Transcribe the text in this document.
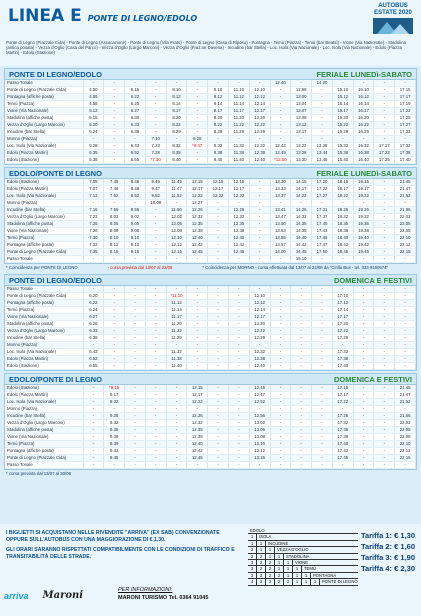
LINEA E PONTE DI LEGNO/EDOLO
AUTOBUS
ESTATE 2020
Ponte di Legno (Piazzale Cida) - Ponte di Legno (Assocazione) - Ponte di Legno (Vila Prato) - Ponte di Legno (Casa di Riposo) - Pontagna - Temù (Piazza) - Temù (bar Beatsì) - Vione (Via Nazionale) - Stadolina (antica posata) - Vezza d'Oglio (Casa del Parco) - Vezza d'Oglio (Largo Marconi) - Vezza d'Oglio (Fraz.ne Davena) - Incudine (bar Stella) - Loc. Isola (Via Nazionale) - Loc. Isola (Via Nazionale) - Edolo (Piazza Martiri) - Edolo (Stazione)
PONTE DI LEGNO/EDOLO	FERIALE LUNEDì-SABATO
Passo Tonale	-	-	-	-	-	-	-	-	-	12.40	-	14.20	-	-	-	-
Ponte di Legno (Piazzale Cida)	4.50	-	6.15	-	8.10	-	9.10	11.10	12.10	-	12.58	-	15.10	16.10	-	17.15
Pontagna (affiche posta)	4.55	-	6.22	-	8.12	-	9.12	11.12	12.12	-	13.00	-	15.12	16.12	-	17.17
Temù (Piazza)	4.58	-	6.25	-	8.14	-	9.14	11.14	12.14	-	13.04	-	15.14	16.14	-	17.19
Vione (Via Nazionale)	5.12	-	6.27	-	8.17	-	9.17	11.17	12.17	-	13.07	-	15.17	16.17	-	17.22
Stadolina (affiche posta)	5.15	-	6.30	-	8.20	-	9.20	11.20	12.20	-	13.08	-	15.20	16.20	-	17.25
Vezza d'Oglio (Largo Marconi)	5.20	-	6.33	-	8.22	-	9.22	11.22	12.22	-	13.12	-	15.22	16.22	-	17.27
Incudine (bar Stella)	5.24	-	6.39	-	8.29	-	9.29	11.29	12.29	-	13.17	-	15.29	16.29	-	17.33
Monno (Piazza)	-	-	-	7.10	-	8.28	-	-	-	-	-	-	-	-	-	-
Loc. Isola (Via Nazionale)	5.28	-	6.43	7.23	8.32	*8.47	9.32	11.32	12.32	12.43	13.23	13.38	15.32	16.32	17.17	17.32
Edolo (Piazza Martiri)	5.35	-	6.52	7.28	8.38	-	9.38	11.38	12.38	12.49	13.28	13.44	15.38	16.38	17.23	17.38
Edolo (Stazione)	5.38	-	6.55	*7.30	8.40	-	9.40	11.40	12.40	*12.50	13.30	13.45	15.40	16.40	17.25	17.40
EDOLO/PONTE DI LEGNO	FERIALE LUNEDì-SABATO
Edolo (Stazione)	7.05	7.45	8.45	9.45	11.45	12.15	12.15	12.15	-	13.30	14.15	17.20	18.15	19.15	-	21.45
Edolo (Piazza Martiri)	7.07	7.48	8.48	9.47	11.47	12.17	12.17	12.17	-	13.33	14.17	17.22	18.17	19.17	-	21.47
Loc. Isola (Via Nazionale)	7.12	7.52	8.52	9.52	11.52	12.22	12.22	12.22	-	13.37	14.22	17.27	18.22	19.22	-	21.52
Monno (Piazza)	-	-	-	10.08	-	12.27	-	-	-	-	-	-	-	-	-	-
Incudine (bar Stella)	7.16	7.56	8.56	-	11.56	12.26	-	12.26	-	13.41	14.26	17.31	18.26	19.26	-	21.56
Vezza d'Oglio (Largo Marconi)	7.22	8.02	9.02	-	12.02	12.32	-	12.32	-	13.47	14.32	17.37	18.32	19.32	-	22.02
Stadolina (affiche posta)	7.25	8.05	9.05	-	12.05	12.35	-	12.35	-	13.50	14.35	17.40	18.35	19.35	-	22.05
Vione (Via Nazionale)	7.28	8.08	9.08	-	12.08	12.38	-	12.38	-	13.53	14.38	17.43	18.38	19.38	-	22.08
Temù (Piazza)	7.30	8.10	9.10	-	12.10	12.40	-	12.40	-	13.55	14.40	17.45	18.40	19.40	-	22.10
Pontagna (affiche posta)	7.32	8.12	9.12	-	12.12	12.42	-	12.42	-	13.57	14.42	17.47	18.42	19.42	-	22.12
Ponte di Legno (Piazzale Cida)	7.35	8.15	9.15	-	12.15	12.45	-	12.45	-	14.00	14.45	17.50	18.45	19.45	-	22.15
Passo Tonale	-	-	-	-	-	-	-	-	-	-	15.10	-	-	-	-	-
* Coincidenza per PONTE DI LEGNO	- corsa prevista dal 13/07 al 22/08	* Coincidenza per MORNO - corsa effettuata dal 13/07 al 22/08 da "Cirillo Bus - tel. 333 9160574"
PONTE DI LEGNO/EDOLO	DOMENICA E FESTIVI
Passo Tonale	-	-	-	-	-	-	-	-	-	-	-	-	-	-	-	-
Ponte di Legno (Piazzale Cida)	6.20	-	-	-	*11.10	-	-	-	12.10	-	-	-	17.10	-	-	-
Pontagna (affiche posta)	6.22	-	-	-	11.12	-	-	-	12.12	-	-	-	17.12	-	-	-
Temù (Piazza)	6.24	-	-	-	11.14	-	-	-	12.14	-	-	-	17.14	-	-	-
Vione (Via Nazionale)	6.27	-	-	-	11.17	-	-	-	12.17	-	-	-	17.17	-	-	-
Stadolina (affiche posta)	6.28	-	-	-	11.20	-	-	-	12.20	-	-	-	17.20	-	-	-
Vezza d'Oglio (Largo Marconi)	6.33	-	-	-	11.22	-	-	-	12.22	-	-	-	17.22	-	-	-
Incudine (bar Stella)	6.39	-	-	-	11.29	-	-	-	12.29	-	-	-	17.29	-	-	-
Monno (Piazza)	-	-	-	-	-	-	-	-	-	-	-	-	-	-	-	-
Loc. Isola (Via Nazionale)	6.43	-	-	-	11.32	-	-	-	12.32	-	-	-	17.32	-	-	-
Edolo (Piazza Martiri)	6.52	-	-	-	11.38	-	-	-	12.38	-	-	-	17.38	-	-	-
Edolo (Stazione)	6.55	-	-	-	11.40	-	-	-	12.40	-	-	-	17.40	-	-	-
EDOLO/PONTE DI LEGNO	DOMENICA E FESTIVI
Edolo (Stazione)	-	*9.15	-	-	-	12.15	-	-	12.45	-	-	-	17.15	-	-	21.45
Edolo (Piazza Martiri)	-	9.17	-	-	-	12.17	-	-	12.47	-	-	-	17.17	-	-	21.47
Loc. Isola (Via Nazionale)	-	9.22	-	-	-	12.22	-	-	12.52	-	-	-	17.22	-	-	21.52
Monno (Piazza)	-	-	-	-	-	-	-	-	-	-	-	-	-	-	-	-
Incudine (bar Stella)	-	9.26	-	-	-	12.26	-	-	12.56	-	-	-	17.26	-	-	21.56
Vezza d'Oglio (Largo Marconi)	-	9.32	-	-	-	12.32	-	-	13.02	-	-	-	17.32	-	-	22.02
Stadolina (affiche posta)	-	9.35	-	-	-	12.35	-	-	13.05	-	-	-	17.35	-	-	22.05
Vione (Via Nazionale)	-	9.38	-	-	-	12.38	-	-	13.08	-	-	-	17.38	-	-	22.08
Temù (Piazza)	-	9.39	-	-	-	12.40	-	-	13.10	-	-	-	17.40	-	-	22.10
Pontagna (affiche posta)	-	9.42	-	-	-	12.42	-	-	13.12	-	-	-	17.42	-	-	22.12
Ponte di Legno (Piazzale Cida)	-	9.45	-	-	-	12.45	-	-	13.15	-	-	-	17.45	-	-	22.15
Passo Tonale	-	-	-	-	-	-	-	-	-	-	-	-	-	-	-	-
* corsa prevista dal 13/07 al 30/08

I BIGLIETTI SI ACQUISTANO NELLE RIVENDITE "ARRIVA" (EX SAB) CONVENZIONATE OPPURE SULL'AUTOBUS CON UNA MAGGIORAZIONE DI € 1,30.

GLI ORARI SARANNO RISPETTATI COMPATIBILMENTE CON LE CONDIZIONI DI TRAFFICO E TRANSITABILITÀ DELLE STRADE.

EDOLO
1	ISOLA
1	1	INCUDINE
2	1	1	VEZZA D'OGLIO
2	2	1	1	STADOLINA
3	2	2	1	1	VIONE
3	2	2	1	1	1	TEMÙ
3	3	2	2	1	1	1	PONTAGNA
4	3	3	2	2	1	1	1	PONTE DI LEGNO
Tariffa 1: € 1,30
Tariffa 2: € 1,60
Tariffa 3: € 1,90
Tariffa 4: € 2,30
arriva Maroni	PER INFORMAZIONI:
MARONI TURISMO Tel. 0364 91045
